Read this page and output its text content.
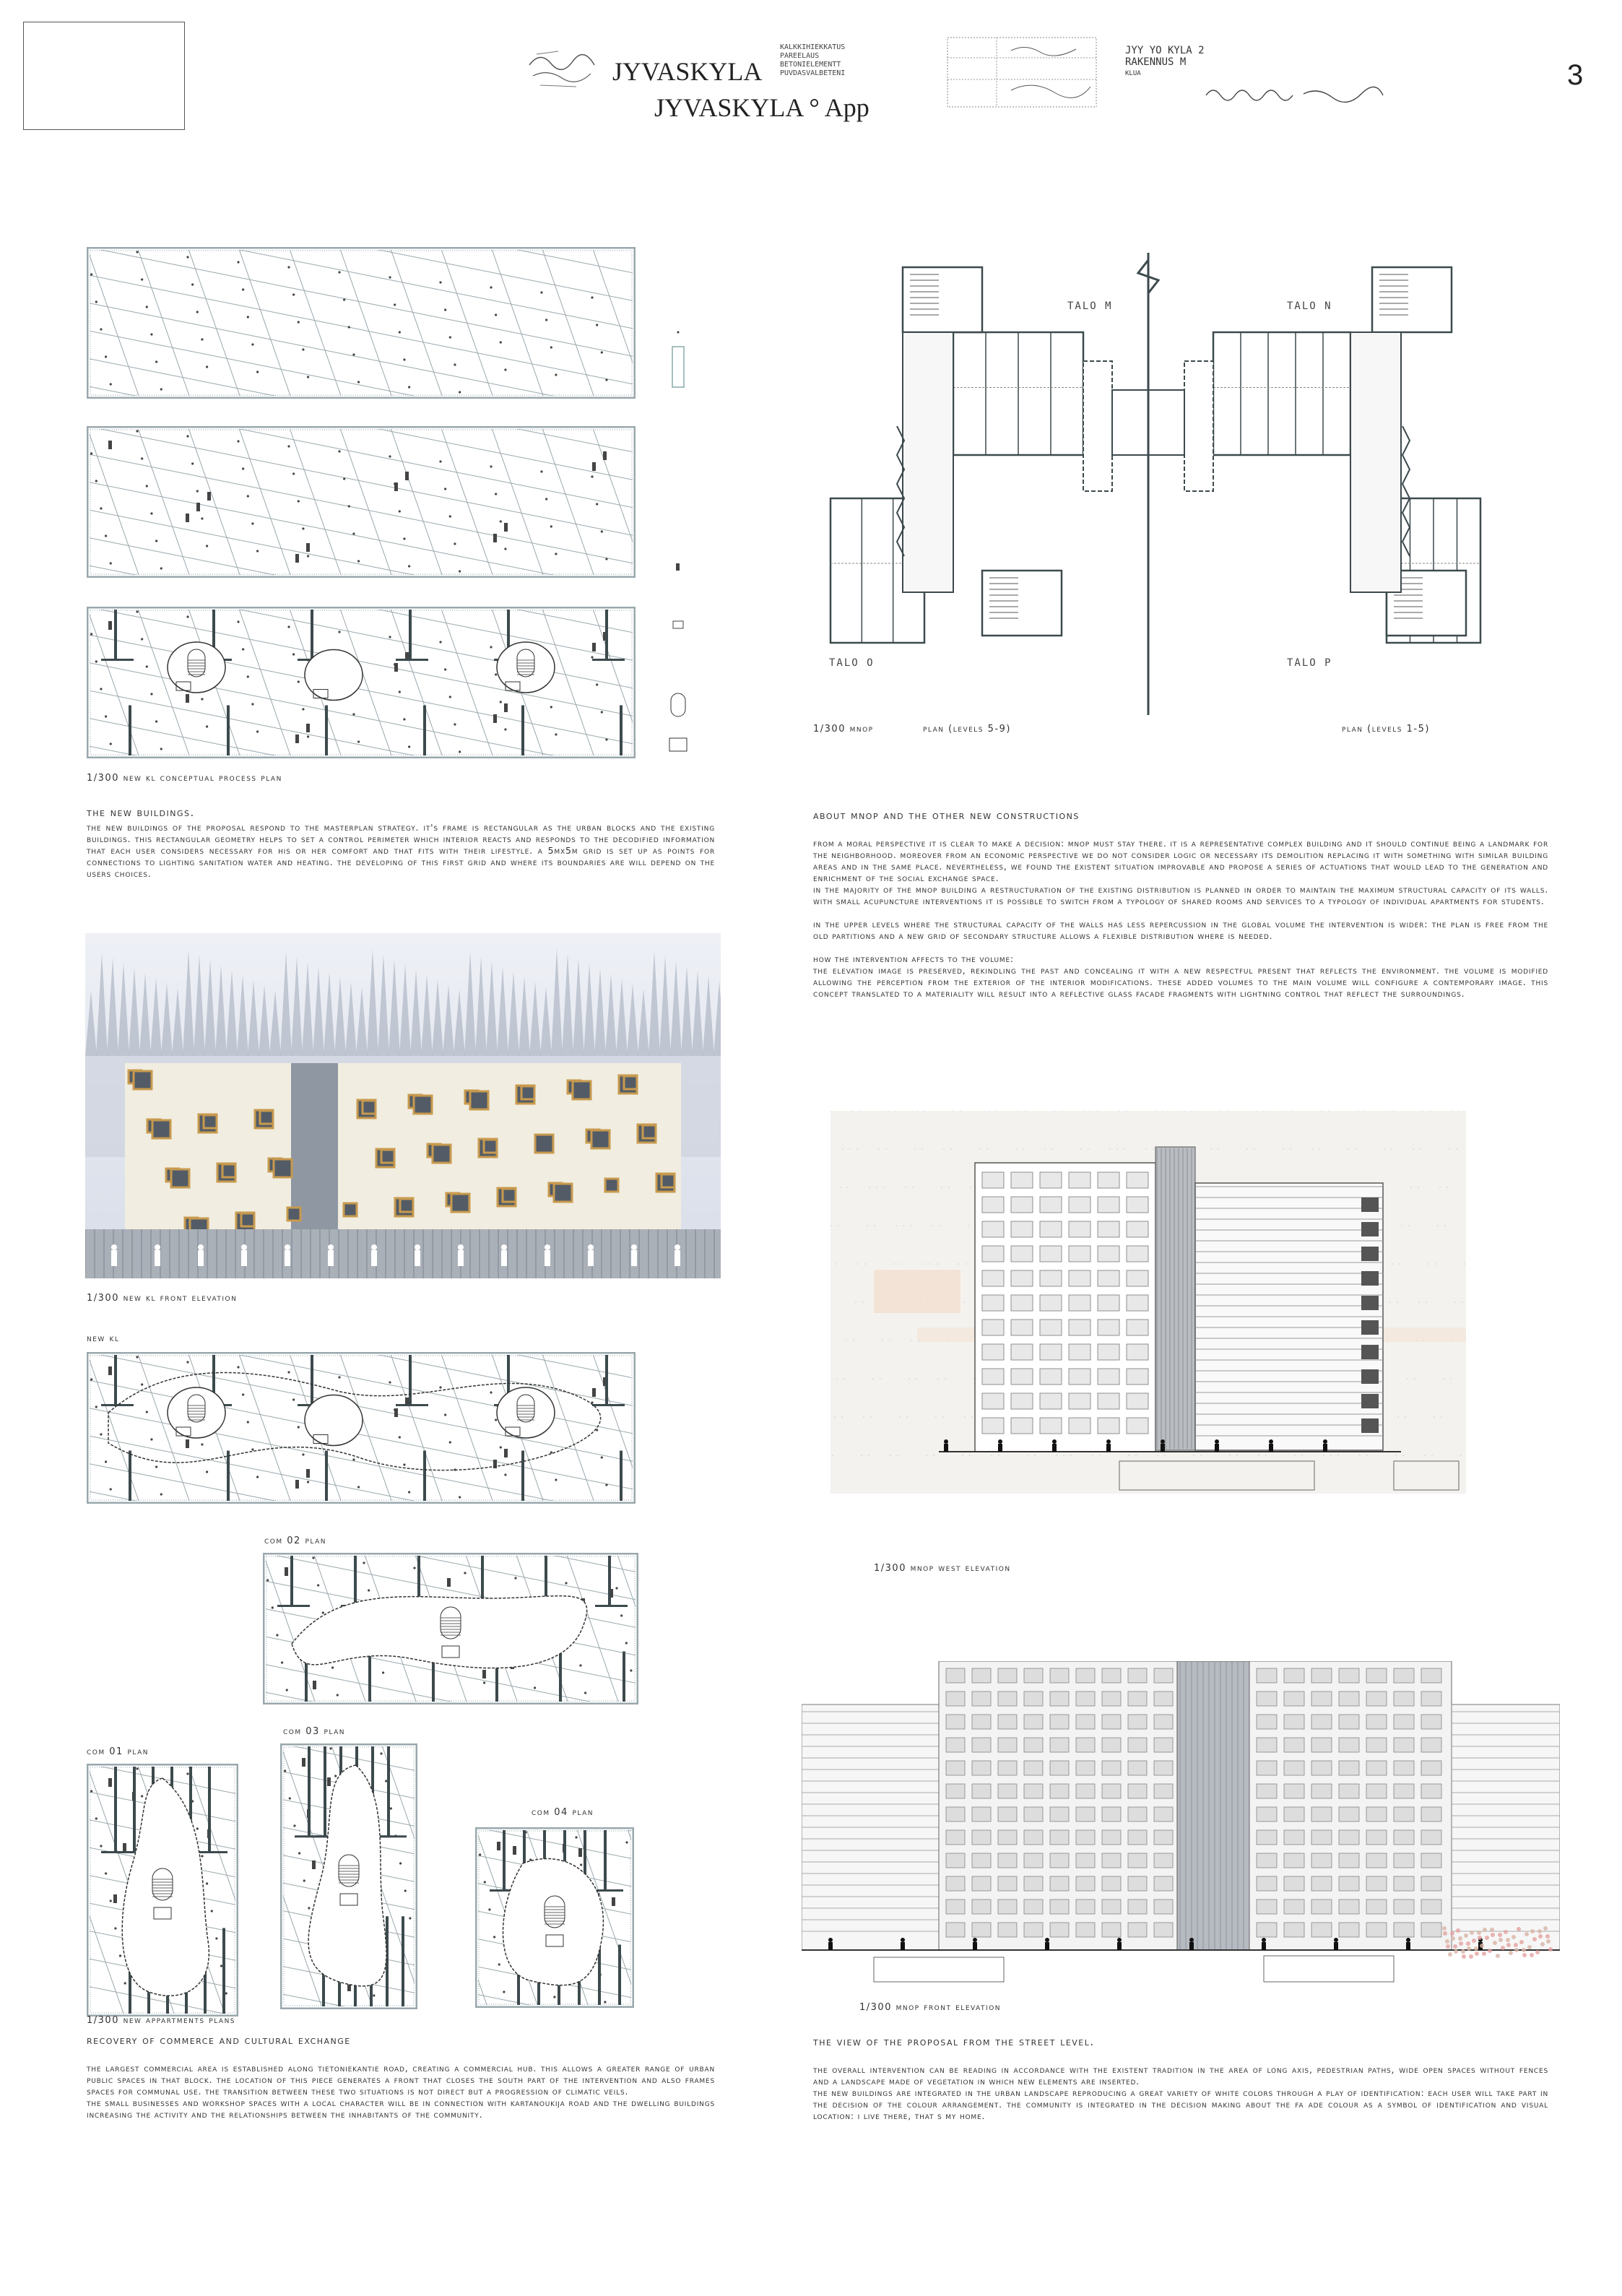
JYVASKYLA
JYVASKYLA ° App
KALKKIHIEKKATUS
PAREELAUS
BETONIELEMENTT
PUVDASVALBETENI
JYY YO KYLA 2
RAKENNUS M
KLUA	3
1/300 new kl conceptual process plan
the new buildings.
the new buildings of the proposal respond to the masterplan strategy. it's frame is rectangular as the urban blocks and the existing buildings. this rectangular geometry helps to set a control perimeter which interior reacts and responds to the decodified information that each user considers necessary for his or her comfort and that fits with their lifestyle. a 5mx5m grid is set up as points for connections to lighting sanitation water and heating. the developing of this first grid and where its boundaries are will depend on the users choices.
1/300 new kl front elevation
new kl
com 02 plan
com 01 plan
com 03 plan
com 04 plan
1/300 new appartments plans
recovery of commerce and cultural exchange
the largest commercial area is established along tietoniekantie road, creating a commercial hub. this allows a greater range of urban public spaces in that block. the location of this piece generates a front that closes the south part of the intervention and also frames spaces for communal use. the transition between these two situations is not direct but a progression of climatic veils.
the small businesses and workshop spaces with a local character will be in connection with kartanoukija road and the dwelling buildings increasing the activity and the relationships between the inhabitants of the community.
TALO M	TALO N
TALO O	TALO P
1/300 mnop	plan (levels 5-9)	plan (levels 1-5)
about mnop and the other new constructions
from a moral perspective it is clear to make a decision: mnop must stay there. it is a representative complex building and it should continue being a landmark for the neighborhood. moreover from an economic perspective we do not consider logic or necessary its demolition replacing it with something with similar building areas and in the same place. nevertheless, we found the existent situation improvable and propose a series of actuations that would lead to the generation and enrichment of the social exchange space.
in the majority of the mnop building a restructuration of the existing distribution is planned in order to maintain the maximum structural capacity of its walls. with small acupuncture interventions it is possible to switch from a typology of shared rooms and services to a typology of individual apartments for students.

in the upper levels where the structural capacity of the walls has less repercussion in the global volume the intervention is wider: the plan is free from the old partitions and a new grid of secondary structure allows a flexible distribution where is needed.

how the intervention affects to the volume:
the elevation image is preserved, rekindling the past and concealing it with a new respectful present that reflects the environment. the volume is modified allowing the perception from the exterior of the interior modifications. these added volumes to the main volume will configure a contemporary image. this concept translated to a materiality will result into a reflective glass facade fragments with lightning control that reflect the surroundings.
1/300 mnop west elevation
1/300 mnop front elevation
the view of the proposal from the street level.
the overall intervention can be reading in accordance with the existent tradition in the area of long axis, pedestrian paths, wide open spaces without fences and a landscape made of vegetation in which new elements are inserted.
the new buildings are integrated in the urban landscape reproducing a great variety of white colors through a play of identification: each user will take part in the decision of the colour arrangement. the community is integrated in the decision making about the fa ade colour as a symbol of identification and visual location: i live there, that s my home.
